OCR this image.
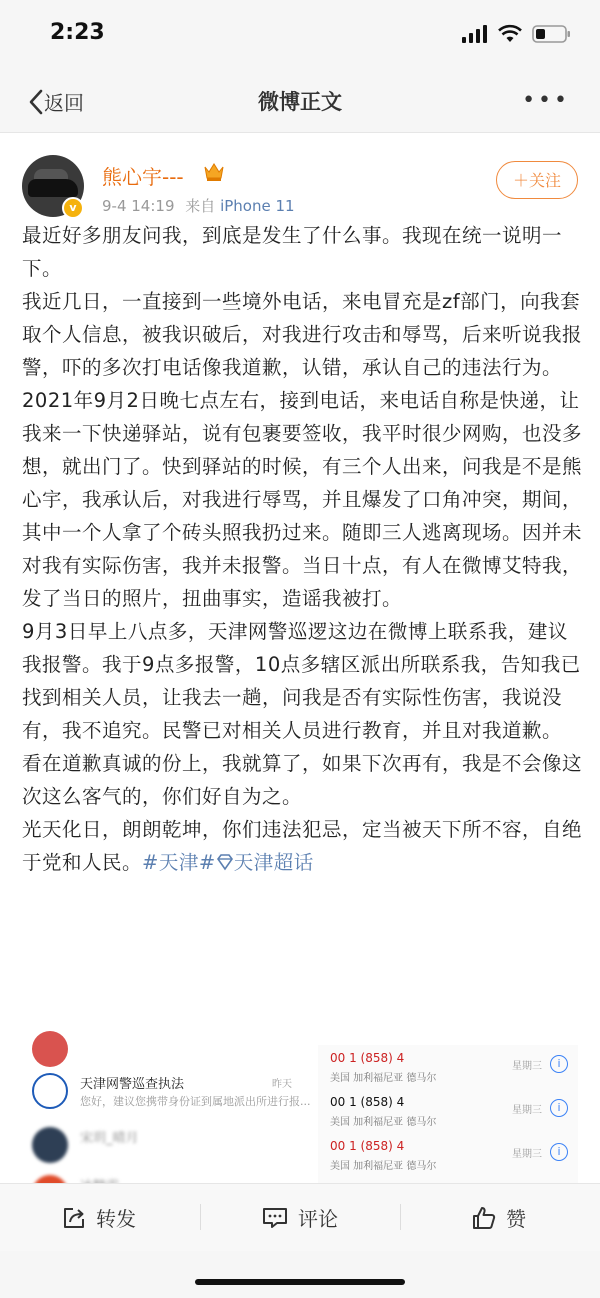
2:23
返回	微博正文	•••
v
熊心宇---
9-4 14:19 来自 iPhone 11
＋关注

最近好多朋友问我，到底是发生了什么事。我现在统一说明一下。

我近几日，一直接到一些境外电话，来电冒充是zf部门，向我套取个人信息，被我识破后，对我进行攻击和辱骂，后来听说我报警，吓的多次打电话像我道歉，认错，承认自己的违法行为。

2021年9月2日晚七点左右，接到电话，来电话自称是快递，让我来一下快递驿站，说有包裹要签收，我平时很少网购，也没多想，就出门了。快到驿站的时候，有三个人出来，问我是不是熊心宇，我承认后，对我进行辱骂，并且爆发了口角冲突，期间，其中一个人拿了个砖头照我扔过来。随即三人逃离现场。因并未对我有实际伤害，我并未报警。当日十点，有人在微博艾特我，发了当日的照片，扭曲事实，造谣我被打。

9月3日早上八点多，天津网警巡逻这边在微博上联系我，建议我报警。我于9点多报警，10点多辖区派出所联系我，告知我已找到相关人员，让我去一趟，问我是否有实际性伤害，我说没有，我不追究。民警已对相关人员进行教育，并且对我道歉。

看在道歉真诚的份上，我就算了，如果下次再有，我是不会像这次这么客气的，你们好自为之。

光天化日，朗朗乾坤，你们违法犯忌，定当被天下所不容，自绝于党和人民。#天津# 天津超话

天津网警巡查执法
您好，建议您携带身份证到属地派出所进行报...
昨天
宋玥_晴月
00 1 (858) 4
美国 加利福尼亚 德马尔
星期三	i
00 1 (858) 4
美国 加利福尼亚 德马尔
星期三	i
00 1 (858) 4
美国 加利福尼亚 德马尔
星期三	i
转发	评论	赞
